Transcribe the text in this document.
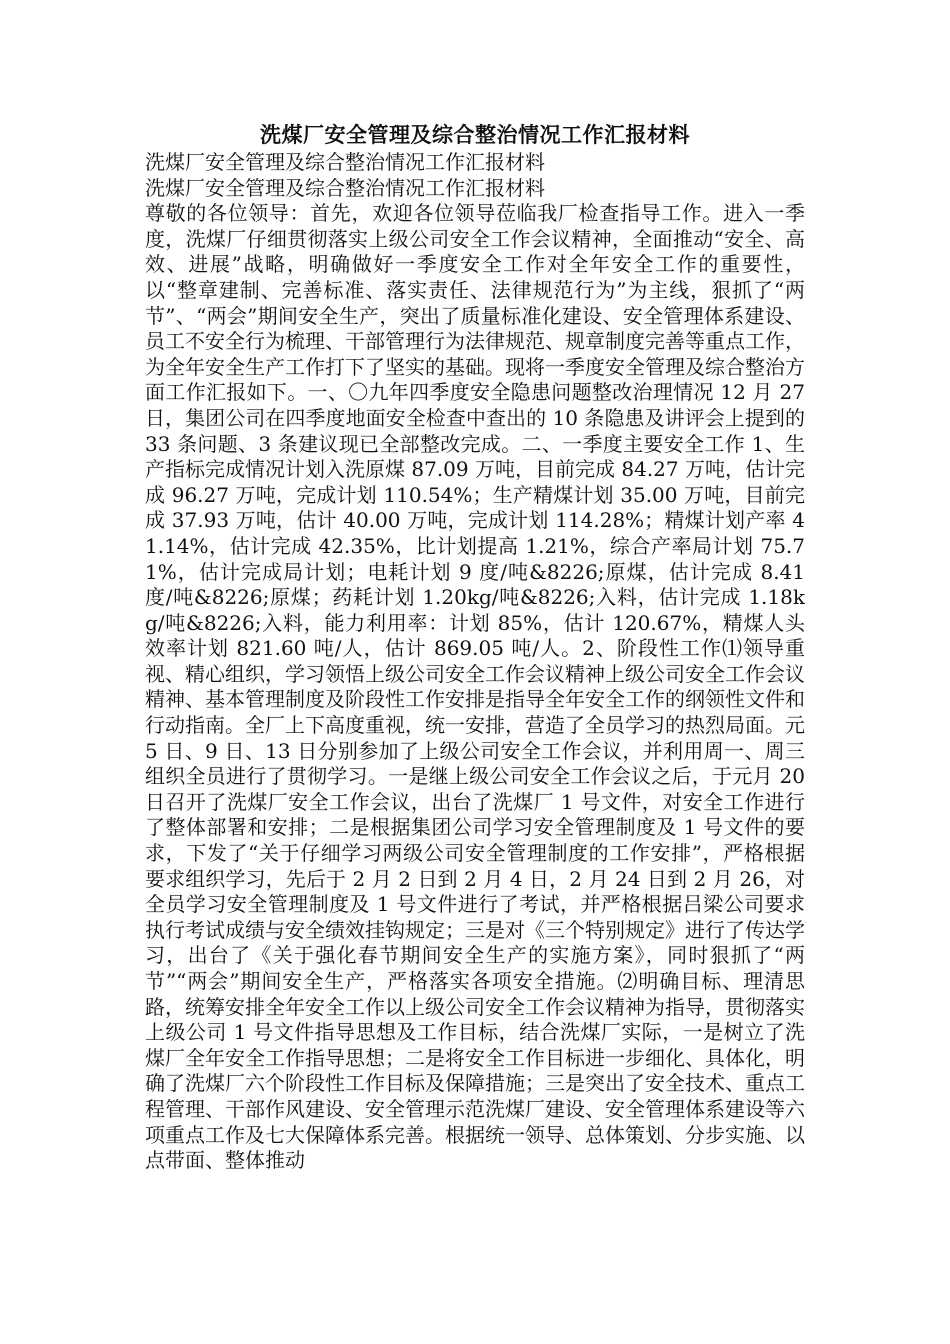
洗煤厂安全管理及综合整治情况工作汇报材料

洗煤厂安全管理及综合整治情况工作汇报材料

洗煤厂安全管理及综合整治情况工作汇报材料

尊敬的各位领导：首先，欢迎各位领导莅临我厂检查指导工作。进入一季度，洗煤厂仔细贯彻落实上级公司安全工作会议精神，全面推动“安全、高效、进展”战略，明确做好一季度安全工作对全年安全工作的重要性，以“整章建制、完善标准、落实责任、法律规范行为”为主线，狠抓了“两节”、“两会”期间安全生产，突出了质量标准化建设、安全管理体系建设、员工不安全行为梳理、干部管理行为法律规范、规章制度完善等重点工作，为全年安全生产工作打下了坚实的基础。现将一季度安全管理及综合整治方面工作汇报如下。一、〇九年四季度安全隐患问题整改治理情况 12 月 27 日，集团公司在四季度地面安全检查中查出的 10 条隐患及讲评会上提到的 33 条问题、3 条建议现已全部整改完成。二、一季度主要安全工作 1、生产指标完成情况计划入洗原煤 87.09 万吨，目前完成 84.27 万吨，估计完成 96.27 万吨，完成计划 110.54%；生产精煤计划 35.00 万吨，目前完成 37.93 万吨，估计 40.00 万吨，完成计划 114.28%；精煤计划产率 41.14%，估计完成 42.35%，比计划提高 1.21%，综合产率局计划 75.71%，估计完成局计划；电耗计划 9 度/吨&8226;原煤，估计完成 8.41 度/吨&8226;原煤；药耗计划 1.20kg/吨&8226;入料，估计完成 1.18kg/吨&8226;入料，能力利用率：计划 85%，估计 120.67%，精煤人头效率计划 821.60 吨/人，估计 869.05 吨/人。2、阶段性工作⑴领导重视、精心组织，学习领悟上级公司安全工作会议精神上级公司安全工作会议精神、基本管理制度及阶段性工作安排是指导全年安全工作的纲领性文件和行动指南。全厂上下高度重视，统一安排，营造了全员学习的热烈局面。元 5 日、9 日、13 日分别参加了上级公司安全工作会议，并利用周一、周三组织全员进行了贯彻学习。一是继上级公司安全工作会议之后，于元月 20 日召开了洗煤厂安全工作会议，出台了洗煤厂 1 号文件，对安全工作进行了整体部署和安排；二是根据集团公司学习安全管理制度及 1 号文件的要求，下发了“关于仔细学习两级公司安全管理制度的工作安排”，严格根据要求组织学习，先后于 2 月 2 日到 2 月 4 日，2 月 24 日到 2 月 26，对全员学习安全管理制度及 1 号文件进行了考试，并严格根据吕梁公司要求执行考试成绩与安全绩效挂钩规定；三是对《三个特别规定》进行了传达学习，出台了《关于强化春节期间安全生产的实施方案》，同时狠抓了“两节”“两会”期间安全生产，严格落实各项安全措施。⑵明确目标、理清思路，统筹安排全年安全工作以上级公司安全工作会议精神为指导，贯彻落实上级公司 1 号文件指导思想及工作目标，结合洗煤厂实际，一是树立了洗煤厂全年安全工作指导思想；二是将安全工作目标进一步细化、具体化，明确了洗煤厂六个阶段性工作目标及保障措施；三是突出了安全技术、重点工程管理、干部作风建设、安全管理示范洗煤厂建设、安全管理体系建设等六项重点工作及七大保障体系完善。根据统一领导、总体策划、分步实施、以点带面、整体推动
